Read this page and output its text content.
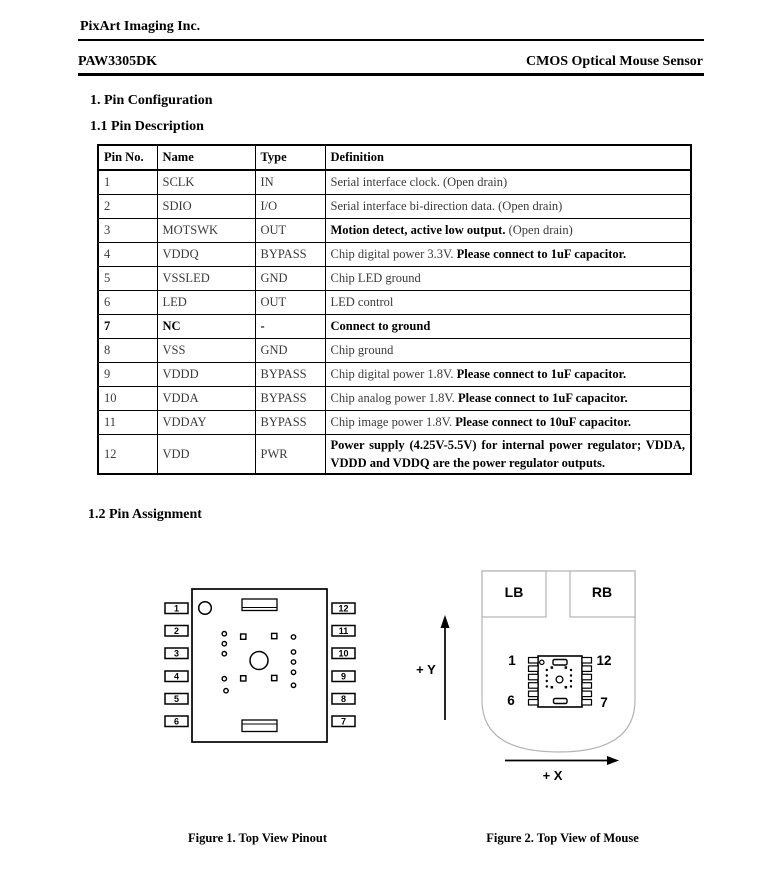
PixArt Imaging Inc.
PAW3305DK	CMOS Optical Mouse Sensor
1. Pin Configuration
1.1 Pin Description
Pin No.	Name	Type	Definition
1	SCLK	IN	Serial interface clock. (Open drain)
2	SDIO	I/O	Serial interface bi-direction data. (Open drain)
3	MOTSWK	OUT	Motion detect, active low output. (Open drain)
4	VDDQ	BYPASS	Chip digital power 3.3V. Please connect to 1uF capacitor.
5	VSSLED	GND	Chip LED ground
6	LED	OUT	LED control
7	NC	-	Connect to ground
8	VSS	GND	Chip ground
9	VDDD	BYPASS	Chip digital power 1.8V. Please connect to 1uF capacitor.
10	VDDA	BYPASS	Chip analog power 1.8V. Please connect to 1uF capacitor.
11	VDDAY	BYPASS	Chip image power 1.8V. Please connect to 10uF capacitor.
12	VDD	PWR	Power supply (4.25V-5.5V) for internal power regulator; VDDA, VDDD and VDDQ are the power regulator outputs.
1.2 Pin Assignment
1
2
3
4
5
6
12
11
10
9
8
7
LB	RB
+ Y
1	12
6	7
+ X
Figure 1. Top View Pinout	Figure 2. Top View of Mouse
